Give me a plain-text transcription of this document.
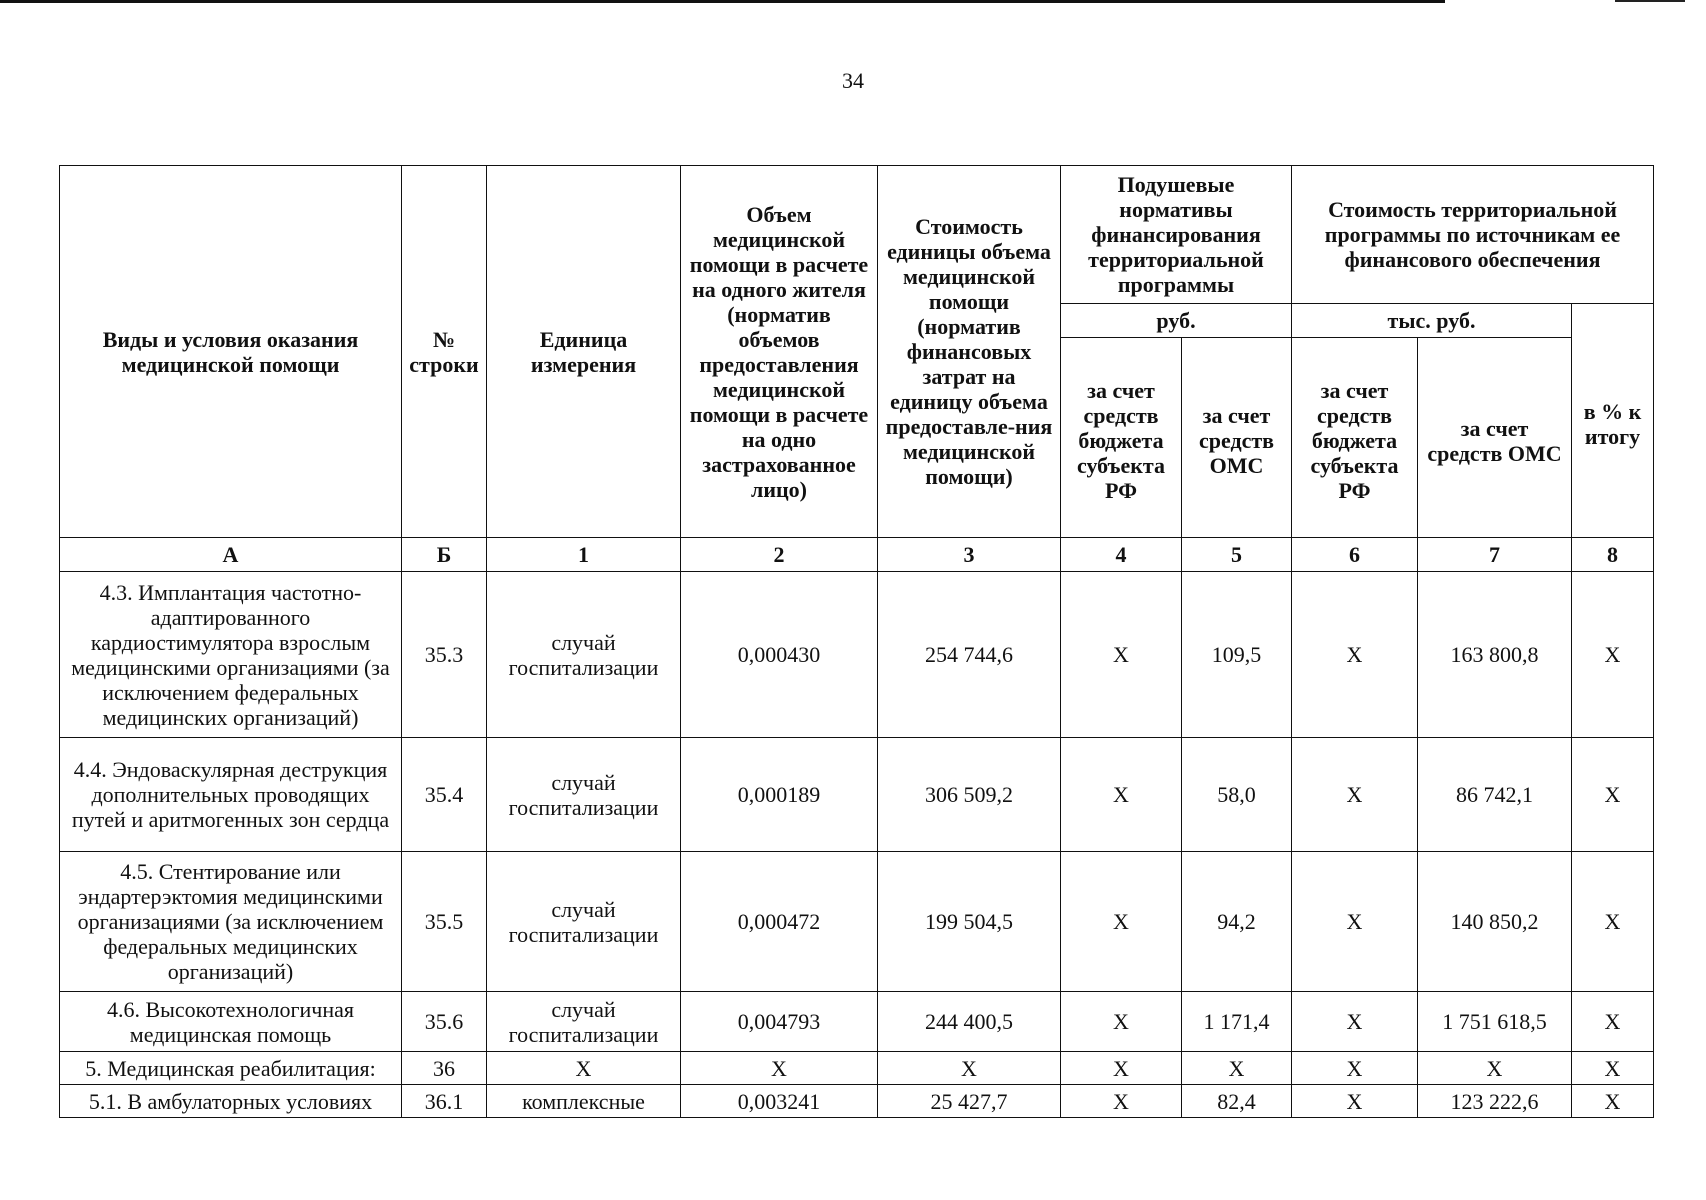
34
Виды и условия оказания медицинской помощи	№ строки	Единица измерения	Объем медицинской помощи в расчете на одного жителя (норматив объемов предоставления медицинской помощи в расчете на одно застрахованное лицо)	Стоимость единицы объема медицинской помощи (норматив финансовых затрат на единицу объема предоставле-ния медицинской помощи)	Подушевые нормативы финансирования территориальной программы		Стоимость территориальной программы по источникам ее финансового обеспечения		
					руб.		тыс. руб.		в % к итогу
					за счет средств бюджета субъекта РФ	за счет средств ОМС	за счет средств бюджета субъекта РФ	за счет средств ОМС	
А	Б	1	2	3	4	5	6	7	8
4.3. Имплантация частотно-адаптированного кардиостимулятора взрослым медицинскими организациями (за исключением федеральных медицинских организаций)	35.3	случай госпитализации	0,000430	254 744,6	X	109,5	X	163 800,8	X
4.4. Эндоваскулярная деструкция дополнительных проводящих путей и аритмогенных зон сердца	35.4	случай госпитализации	0,000189	306 509,2	X	58,0	X	86 742,1	X
4.5. Стентирование или эндартерэктомия медицинскими организациями (за исключением федеральных медицинских организаций)	35.5	случай госпитализации	0,000472	199 504,5	X	94,2	X	140 850,2	X
4.6. Высокотехнологичная медицинская помощь	35.6	случай госпитализации	0,004793	244 400,5	X	1 171,4	X	1 751 618,5	X
5. Медицинская реабилитация:	36	X	X	X	X	X	X	X	X
5.1. В амбулаторных условиях	36.1	комплексные	0,003241	25 427,7	X	82,4	X	123 222,6	X
